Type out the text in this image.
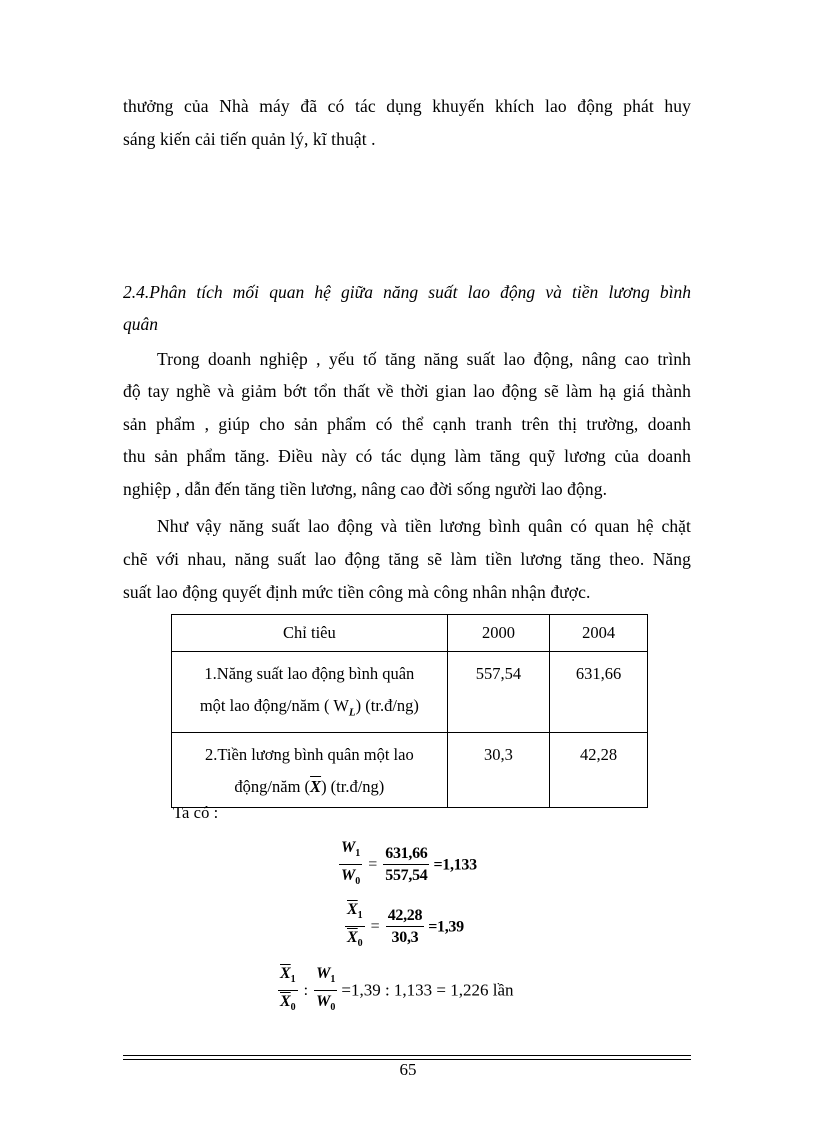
thưởng của Nhà máy đã có tác dụng khuyến khích lao động phát huy
sáng kiến cải tiến quản lý, kĩ thuật .
2.4.Phân tích mối quan hệ giữa năng suất lao động và tiền lương bình
quân
Trong doanh nghiệp , yếu tố tăng năng suất lao động, nâng cao trình
độ tay nghề và giảm bớt tổn thất về thời gian lao động sẽ làm hạ giá thành
sản phẩm , giúp cho sản phẩm có thể cạnh tranh trên thị trường, doanh
thu sản phẩm tăng. Điều này có tác dụng làm tăng quỹ lương của doanh
nghiệp , dẫn đến tăng tiền lương, nâng cao đời sống người lao động.
Như vậy năng suất lao động và tiền lương bình quân có quan hệ chặt
chẽ với nhau, năng suất lao động tăng sẽ làm tiền lương tăng theo. Năng
suất lao động quyết định mức tiền công mà công nhân nhận được.
Chỉ tiêu	2000	2004
1.Năng suất lao động bình quân
một lao động/năm ( $W_L$) (tr.đ/ng)	557,54	631,66
2.Tiền lương bình quân một lao
động/năm $(\overline{X})$ (tr.đ/ng)	30,3	42,28
Ta có :
$\frac{W_1}{W_0} = \frac{631,66}{557,54} =1,133$
$\frac{\overline{X}_1}{\overline{X}_0} = \frac{42,28}{30,3} =1,39$
$\frac{\overline{X}_1}{\overline{X}_0}$ : $\frac{W_1}{W_0} =1,39$ : 1,133 = 1,226 lần
65
